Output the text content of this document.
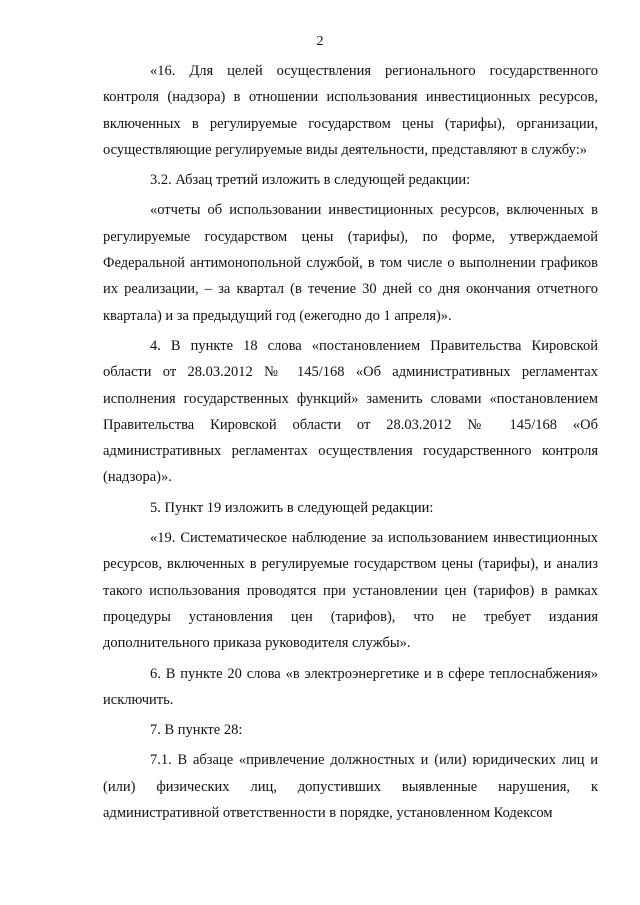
2

«16. Для целей осуществления регионального государственного контроля (надзора) в отношении использования инвестиционных ресурсов, включенных в регулируемые государством цены (тарифы), организации, осуществляющие регулируемые виды деятельности, представляют в службу:»

3.2. Абзац третий изложить в следующей редакции:

«отчеты об использовании инвестиционных ресурсов, включенных в регулируемые государством цены (тарифы), по форме, утверждаемой Федеральной антимонопольной службой, в том числе о выполнении графиков их реализации, – за квартал (в течение 30 дней со дня окончания отчетного квартала) и за предыдущий год (ежегодно до 1 апреля)».

4. В пункте 18 слова «постановлением Правительства Кировской области от 28.03.2012 № 145/168 «Об административных регламентах исполнения государственных функций» заменить словами «постановлением Правительства Кировской области от 28.03.2012 № 145/168 «Об административных регламентах осуществления государственного контроля (надзора)».

5. Пункт 19 изложить в следующей редакции:

«19. Систематическое наблюдение за использованием инвестиционных ресурсов, включенных в регулируемые государством цены (тарифы), и анализ такого использования проводятся при установлении цен (тарифов) в рамках процедуры установления цен (тарифов), что не требует издания дополнительного приказа руководителя службы».

6. В пункте 20 слова «в электроэнергетике и в сфере теплоснабжения» исключить.

7. В пункте 28:

7.1. В абзаце «привлечение должностных и (или) юридических лиц и (или) физических лиц, допустивших выявленные нарушения, к административной ответственности в порядке, установленном Кодексом
